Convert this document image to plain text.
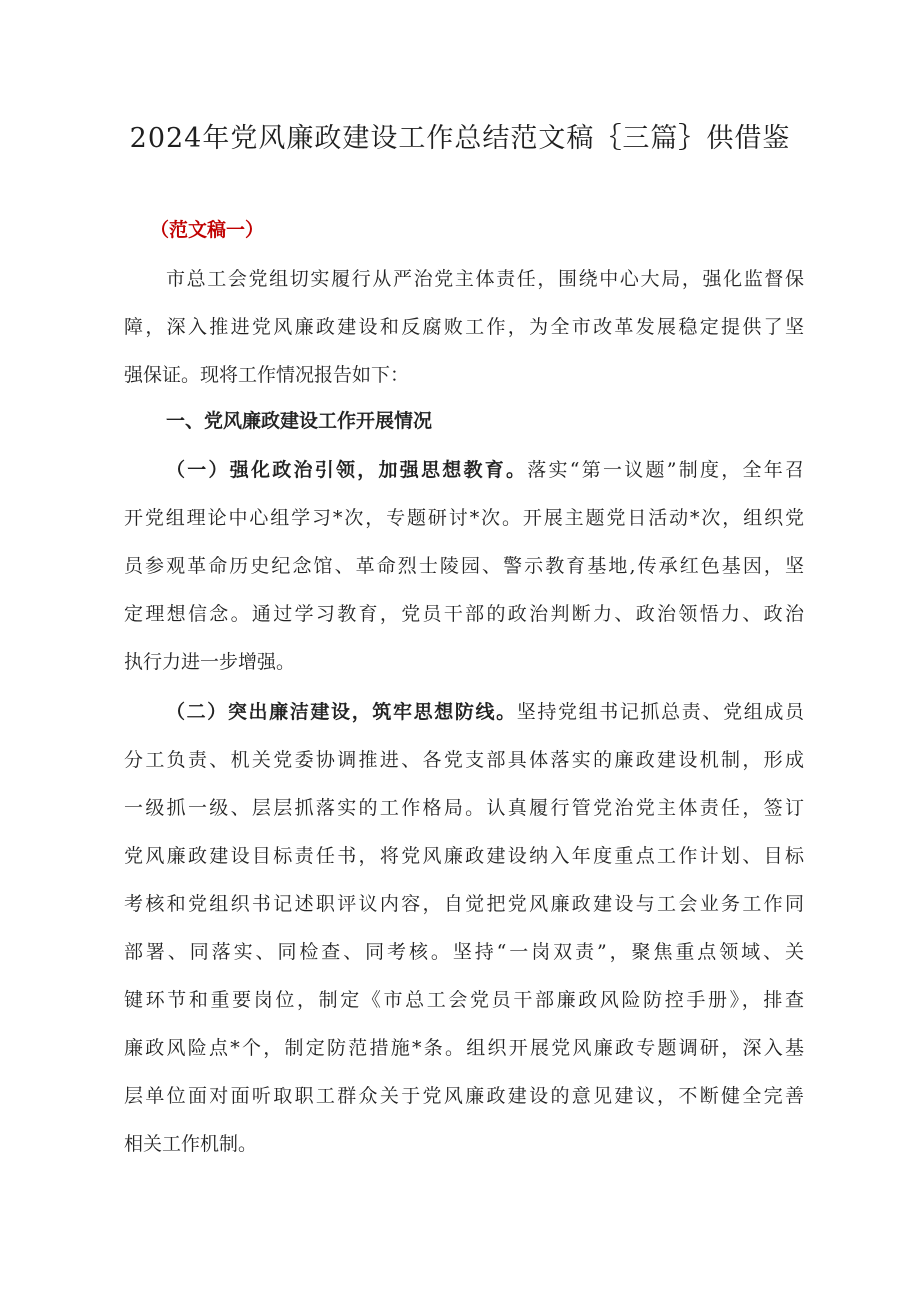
2024年党风廉政建设工作总结范文稿｛三篇｝供借鉴
（范文稿一）
市总工会党组切实履行从严治党主体责任，围绕中心大局，强化监督保
障，深入推进党风廉政建设和反腐败工作，为全市改革发展稳定提供了坚
强保证。现将工作情况报告如下：
一、党风廉政建设工作开展情况
（一）强化政治引领，加强思想教育。落实“第一议题”制度，全年召
开党组理论中心组学习*次，专题研讨*次。开展主题党日活动*次，组织党
员参观革命历史纪念馆、革命烈士陵园、警示教育基地,传承红色基因，坚
定理想信念。通过学习教育，党员干部的政治判断力、政治领悟力、政治
执行力进一步增强。
（二）突出廉洁建设，筑牢思想防线。坚持党组书记抓总责、党组成员
分工负责、机关党委协调推进、各党支部具体落实的廉政建设机制，形成
一级抓一级、层层抓落实的工作格局。认真履行管党治党主体责任，签订
党风廉政建设目标责任书，将党风廉政建设纳入年度重点工作计划、目标
考核和党组织书记述职评议内容，自觉把党风廉政建设与工会业务工作同
部署、同落实、同检查、同考核。坚持“一岗双责”，聚焦重点领域、关
键环节和重要岗位，制定《市总工会党员干部廉政风险防控手册》，排查
廉政风险点*个，制定防范措施*条。组织开展党风廉政专题调研，深入基
层单位面对面听取职工群众关于党风廉政建设的意见建议，不断健全完善
相关工作机制。
